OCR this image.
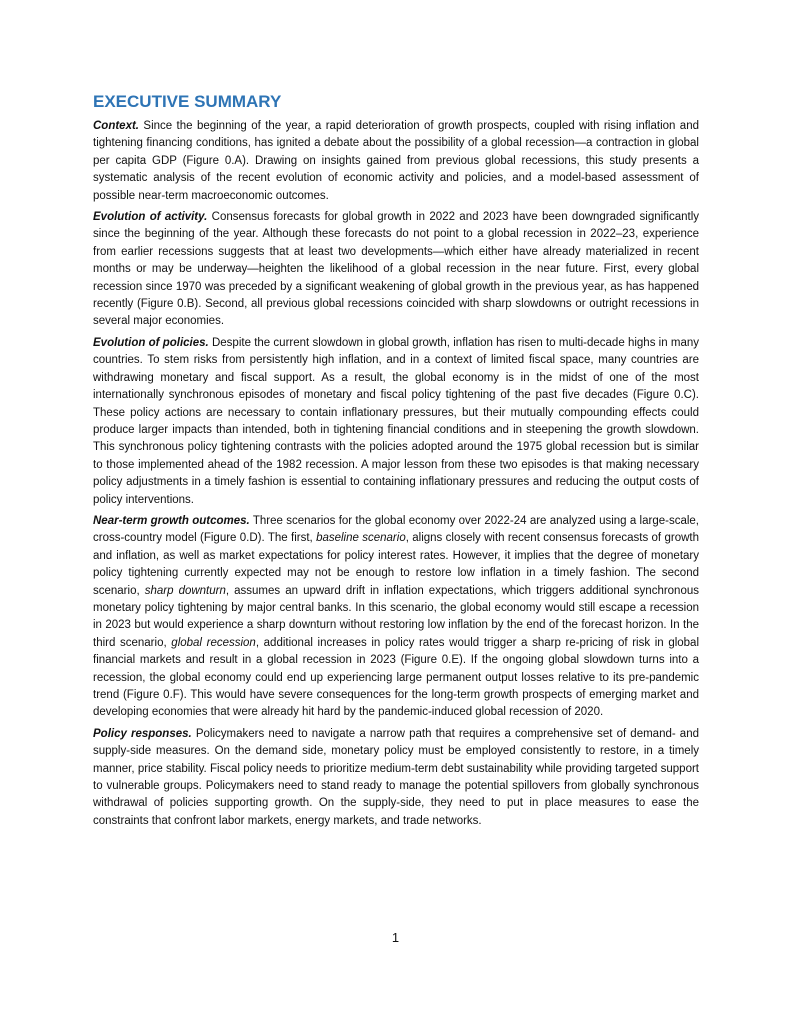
EXECUTIVE SUMMARY

Context. Since the beginning of the year, a rapid deterioration of growth prospects, coupled with rising inflation and tightening financing conditions, has ignited a debate about the possibility of a global recession—a contraction in global per capita GDP (Figure 0.A). Drawing on insights gained from previous global recessions, this study presents a systematic analysis of the recent evolution of economic activity and policies, and a model-based assessment of possible near-term macroeconomic outcomes.

Evolution of activity. Consensus forecasts for global growth in 2022 and 2023 have been downgraded significantly since the beginning of the year. Although these forecasts do not point to a global recession in 2022–23, experience from earlier recessions suggests that at least two developments—which either have already materialized in recent months or may be underway—heighten the likelihood of a global recession in the near future. First, every global recession since 1970 was preceded by a significant weakening of global growth in the previous year, as has happened recently (Figure 0.B). Second, all previous global recessions coincided with sharp slowdowns or outright recessions in several major economies.

Evolution of policies. Despite the current slowdown in global growth, inflation has risen to multi-decade highs in many countries. To stem risks from persistently high inflation, and in a context of limited fiscal space, many countries are withdrawing monetary and fiscal support. As a result, the global economy is in the midst of one of the most internationally synchronous episodes of monetary and fiscal policy tightening of the past five decades (Figure 0.C). These policy actions are necessary to contain inflationary pressures, but their mutually compounding effects could produce larger impacts than intended, both in tightening financial conditions and in steepening the growth slowdown. This synchronous policy tightening contrasts with the policies adopted around the 1975 global recession but is similar to those implemented ahead of the 1982 recession. A major lesson from these two episodes is that making necessary policy adjustments in a timely fashion is essential to containing inflationary pressures and reducing the output costs of policy interventions.

Near-term growth outcomes. Three scenarios for the global economy over 2022-24 are analyzed using a large-scale, cross-country model (Figure 0.D). The first, baseline scenario, aligns closely with recent consensus forecasts of growth and inflation, as well as market expectations for policy interest rates. However, it implies that the degree of monetary policy tightening currently expected may not be enough to restore low inflation in a timely fashion. The second scenario, sharp downturn, assumes an upward drift in inflation expectations, which triggers additional synchronous monetary policy tightening by major central banks. In this scenario, the global economy would still escape a recession in 2023 but would experience a sharp downturn without restoring low inflation by the end of the forecast horizon. In the third scenario, global recession, additional increases in policy rates would trigger a sharp re-pricing of risk in global financial markets and result in a global recession in 2023 (Figure 0.E). If the ongoing global slowdown turns into a recession, the global economy could end up experiencing large permanent output losses relative to its pre-pandemic trend (Figure 0.F). This would have severe consequences for the long-term growth prospects of emerging market and developing economies that were already hit hard by the pandemic-induced global recession of 2020.

Policy responses. Policymakers need to navigate a narrow path that requires a comprehensive set of demand- and supply-side measures. On the demand side, monetary policy must be employed consistently to restore, in a timely manner, price stability. Fiscal policy needs to prioritize medium-term debt sustainability while providing targeted support to vulnerable groups. Policymakers need to stand ready to manage the potential spillovers from globally synchronous withdrawal of policies supporting growth. On the supply-side, they need to put in place measures to ease the constraints that confront labor markets, energy markets, and trade networks.

1
